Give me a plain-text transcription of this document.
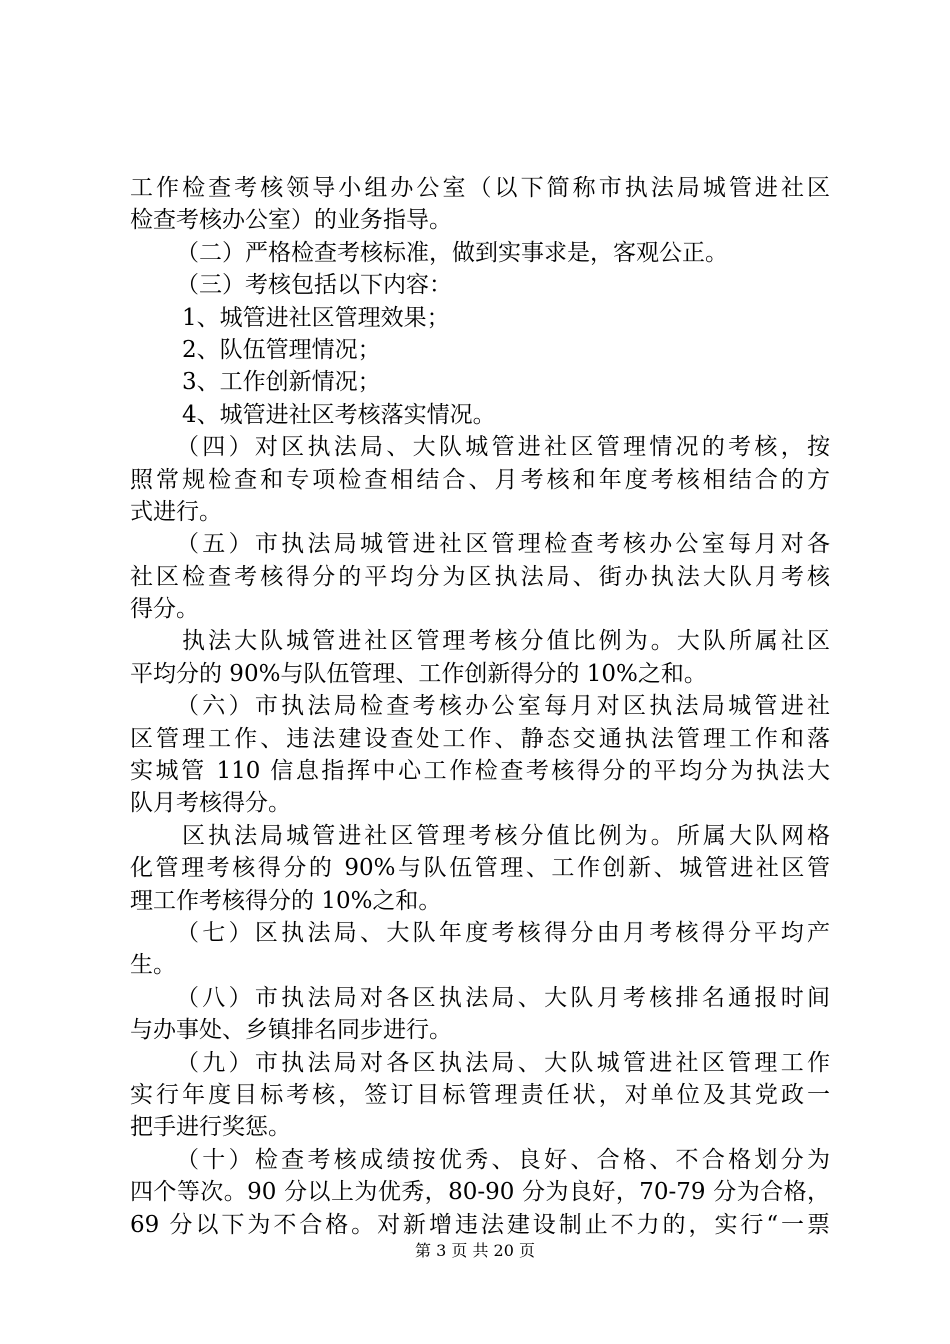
工作检查考核领导小组办公室（以下简称市执法局城管进社区
检查考核办公室）的业务指导。
（二）严格检查考核标准，做到实事求是，客观公正。
（三）考核包括以下内容：
1、城管进社区管理效果；
2、队伍管理情况；
3、工作创新情况；
4、城管进社区考核落实情况。
（四）对区执法局、大队城管进社区管理情况的考核，按
照常规检查和专项检查相结合、月考核和年度考核相结合的方
式进行。
（五）市执法局城管进社区管理检查考核办公室每月对各
社区检查考核得分的平均分为区执法局、街办执法大队月考核
得分。
执法大队城管进社区管理考核分值比例为。大队所属社区
平均分的 90%与队伍管理、工作创新得分的 10%之和。
（六）市执法局检查考核办公室每月对区执法局城管进社
区管理工作、违法建设查处工作、静态交通执法管理工作和落
实城管 110 信息指挥中心工作检查考核得分的平均分为执法大
队月考核得分。
区执法局城管进社区管理考核分值比例为。所属大队网格
化管理考核得分的 90%与队伍管理、工作创新、城管进社区管
理工作考核得分的 10%之和。
（七）区执法局、大队年度考核得分由月考核得分平均产
生。
（八）市执法局对各区执法局、大队月考核排名通报时间
与办事处、乡镇排名同步进行。
（九）市执法局对各区执法局、大队城管进社区管理工作
实行年度目标考核，签订目标管理责任状，对单位及其党政一
把手进行奖惩。
（十）检查考核成绩按优秀、良好、合格、不合格划分为
四个等次。90 分以上为优秀，80-90 分为良好，70-79 分为合格，
69 分以下为不合格。对新增违法建设制止不力的，实行“一票
第 3 页 共 20 页
